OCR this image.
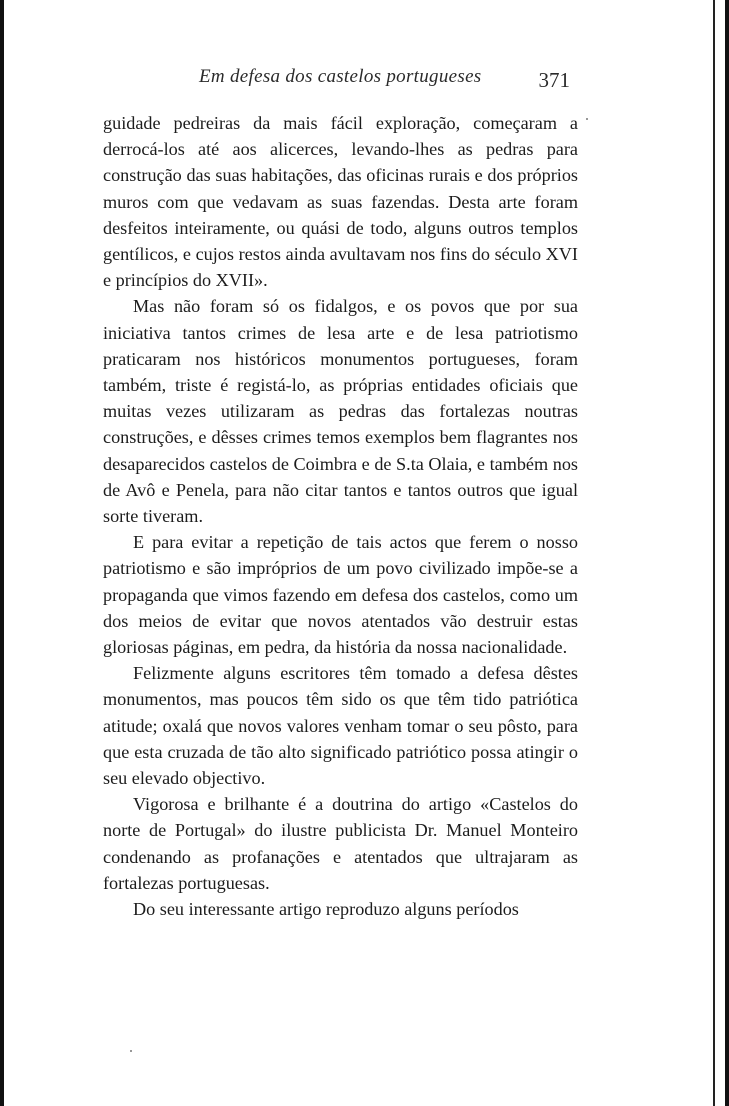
Em defesa dos castelos portugueses	371

guidade pedreiras da mais fácil exploração, começaram a derrocá-los até aos alicerces, levando-lhes as pedras para construção das suas habitações, das oficinas rurais e dos próprios muros com que vedavam as suas fazendas. Desta arte foram desfeitos inteiramente, ou quási de todo, alguns outros templos gentílicos, e cujos restos ainda avultavam nos fins do século XVI e princípios do XVII».

Mas não foram só os fidalgos, e os povos que por sua iniciativa tantos crimes de lesa arte e de lesa patriotismo praticaram nos históricos monumentos portugueses, foram também, triste é registá-lo, as próprias entidades oficiais que muitas vezes utilizaram as pedras das fortalezas noutras construções, e dêsses crimes temos exemplos bem flagrantes nos desaparecidos castelos de Coimbra e de S.ta Olaia, e também nos de Avô e Penela, para não citar tantos e tantos outros que igual sorte tiveram.

E para evitar a repetição de tais actos que ferem o nosso patriotismo e são impróprios de um povo civilizado impõe-se a propaganda que vimos fazendo em defesa dos castelos, como um dos meios de evitar que novos atentados vão destruir estas gloriosas páginas, em pedra, da história da nossa nacionalidade.

Felizmente alguns escritores têm tomado a defesa dêstes monumentos, mas poucos têm sido os que têm tido patriótica atitude; oxalá que novos valores venham tomar o seu pôsto, para que esta cruzada de tão alto significado patriótico possa atingir o seu elevado objectivo.

Vigorosa e brilhante é a doutrina do artigo «Castelos do norte de Portugal» do ilustre publicista Dr. Manuel Monteiro condenando as profanações e atentados que ultrajaram as fortalezas portuguesas.

Do seu interessante artigo reproduzo alguns períodos
